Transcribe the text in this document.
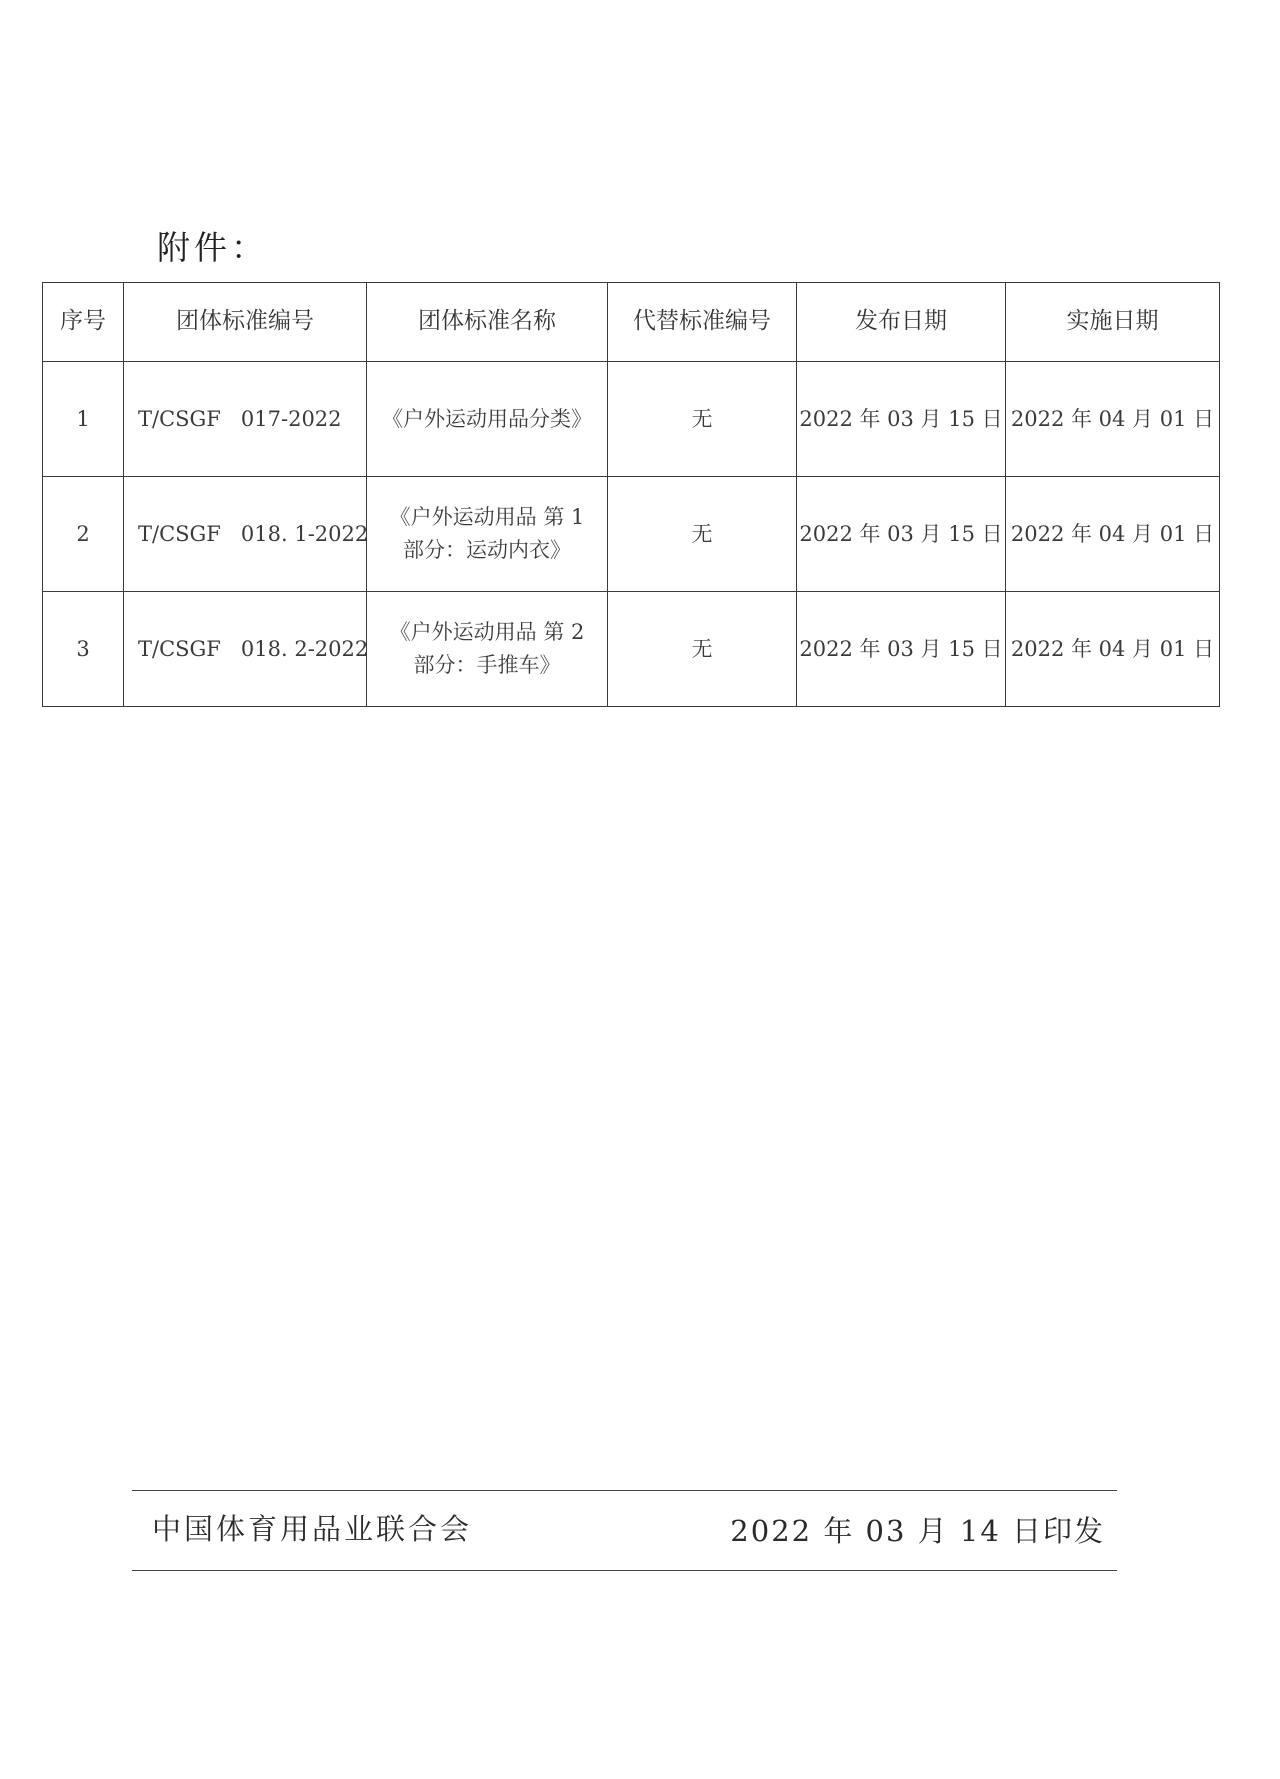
附件：
序号	团体标准编号	团体标准名称	代替标准编号	发布日期	实施日期
1	T/CSGF   017-2022	《户外运动用品分类》	无	2022 年 03 月 15 日	2022 年 04 月 01 日
2	T/CSGF   018. 1-2022	《户外运动用品 第 1
部分：运动内衣》	无	2022 年 03 月 15 日	2022 年 04 月 01 日
3	T/CSGF   018. 2-2022	《户外运动用品 第 2
部分：手推车》	无	2022 年 03 月 15 日	2022 年 04 月 01 日
中国体育用品业联合会	2022 年 03 月 14 日印发
